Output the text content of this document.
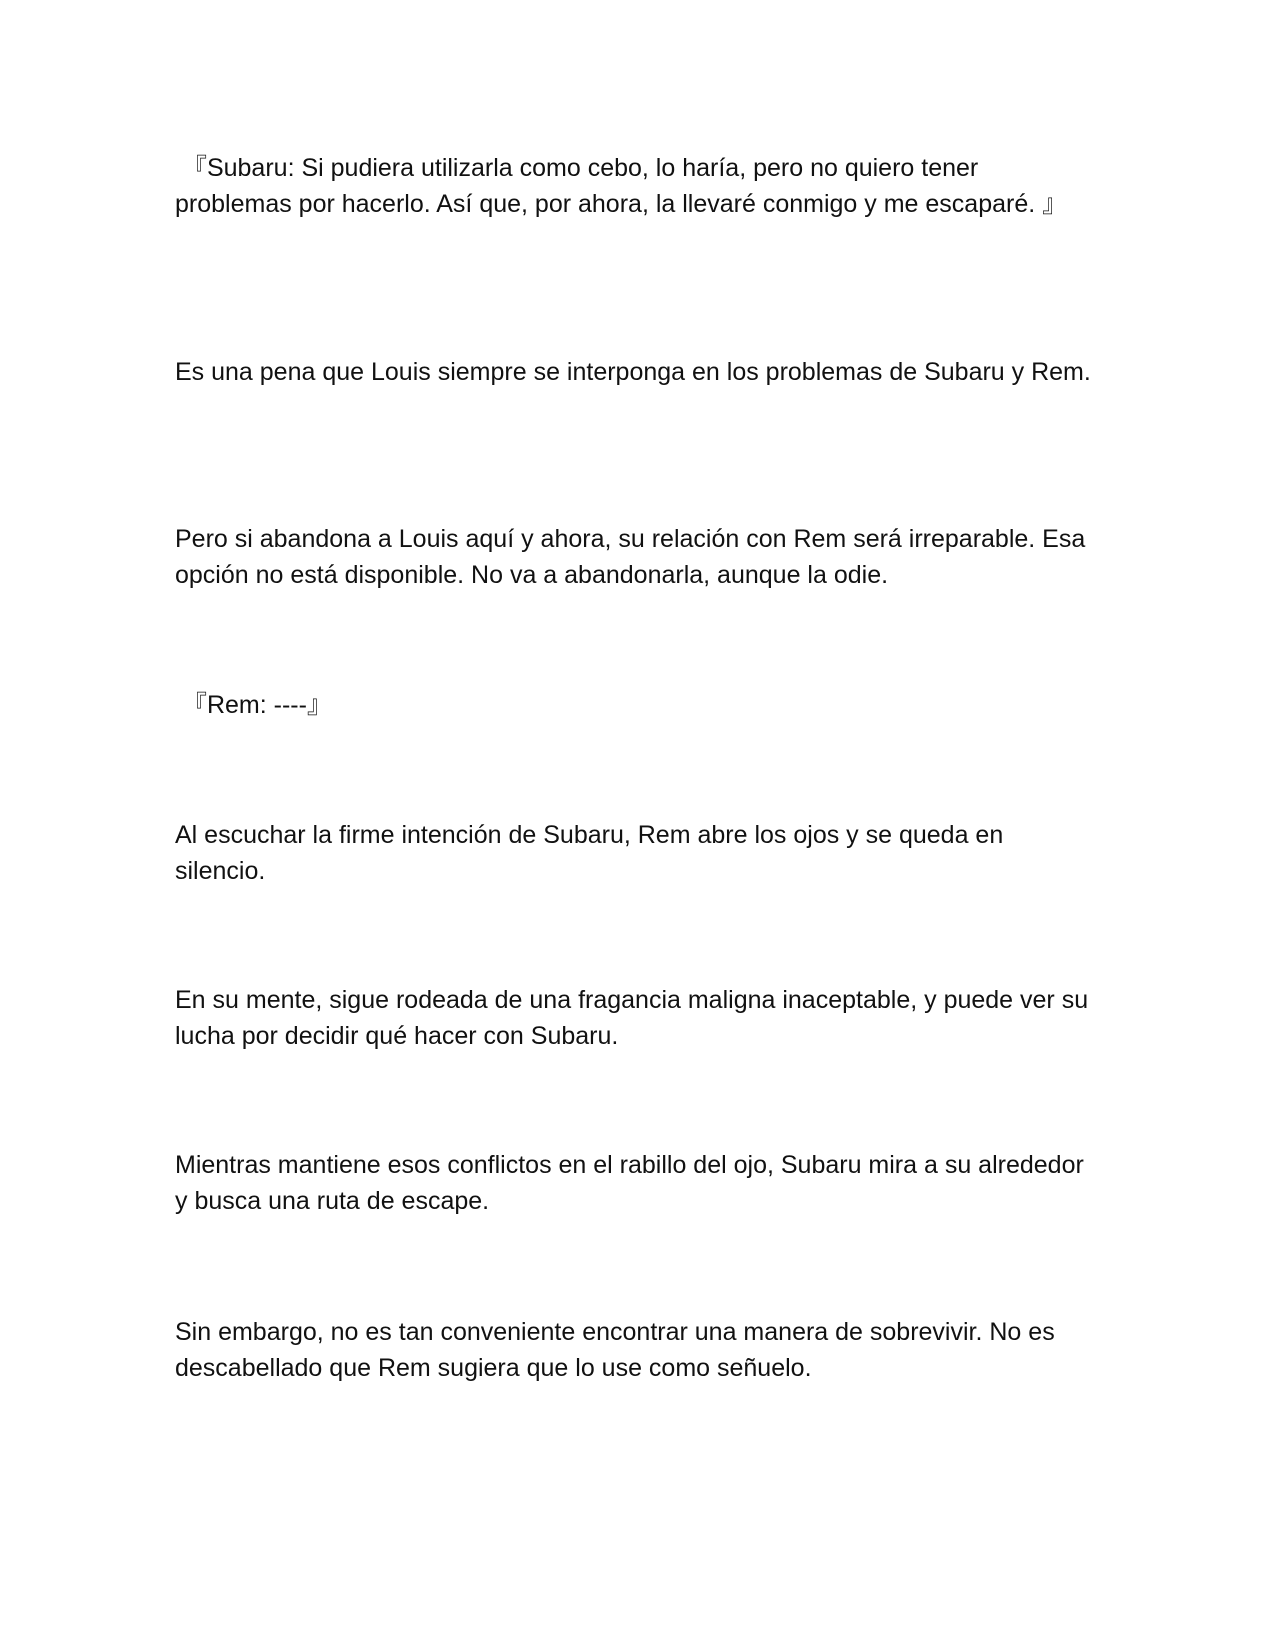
『Subaru: Si pudiera utilizarla como cebo, lo haría, pero no quiero tener problemas por hacerlo. Así que, por ahora, la llevaré conmigo y me escaparé. 』

Es una pena que Louis siempre se interponga en los problemas de Subaru y Rem.

Pero si abandona a Louis aquí y ahora, su relación con Rem será irreparable. Esa opción no está disponible. No va a abandonarla, aunque la odie.

『Rem: ----』

Al escuchar la firme intención de Subaru, Rem abre los ojos y se queda en silencio.

En su mente, sigue rodeada de una fragancia maligna inaceptable, y puede ver su lucha por decidir qué hacer con Subaru.

Mientras mantiene esos conflictos en el rabillo del ojo, Subaru mira a su alrededor y busca una ruta de escape.

Sin embargo, no es tan conveniente encontrar una manera de sobrevivir. No es descabellado que Rem sugiera que lo use como señuelo.
